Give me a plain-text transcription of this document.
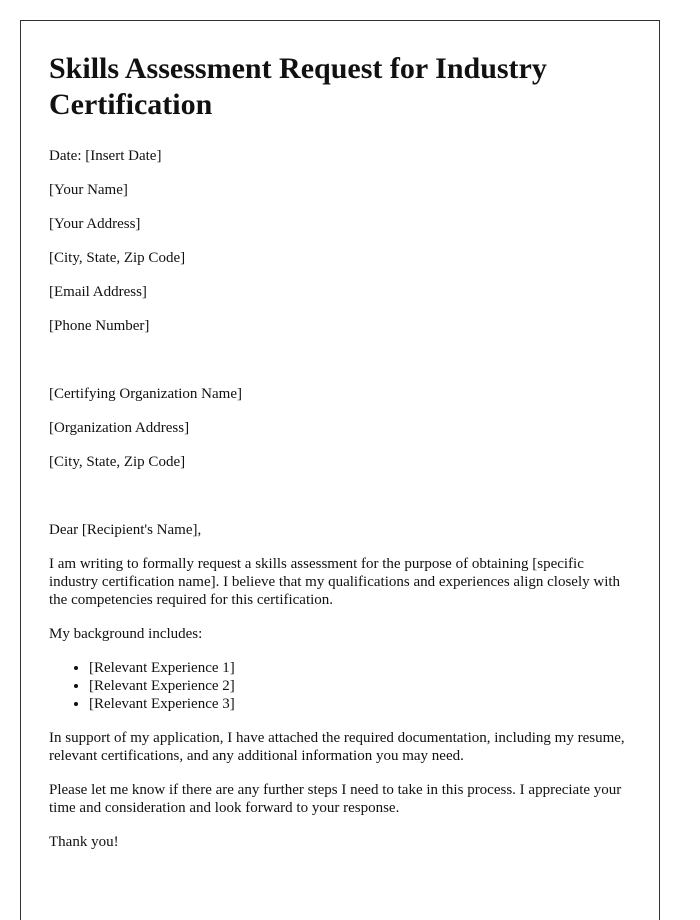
Skills Assessment Request for Industry Certification

Date: [Insert Date]

[Your Name]

[Your Address]

[City, State, Zip Code]

[Email Address]

[Phone Number]

[Certifying Organization Name]

[Organization Address]

[City, State, Zip Code]

Dear [Recipient's Name],

I am writing to formally request a skills assessment for the purpose of obtaining [specific industry certification name]. I believe that my qualifications and experiences align closely with the competencies required for this certification.

My background includes:

• [Relevant Experience 1]
• [Relevant Experience 2]
• [Relevant Experience 3]

In support of my application, I have attached the required documentation, including my resume, relevant certifications, and any additional information you may need.

Please let me know if there are any further steps I need to take in this process. I appreciate your time and consideration and look forward to your response.

Thank you!
